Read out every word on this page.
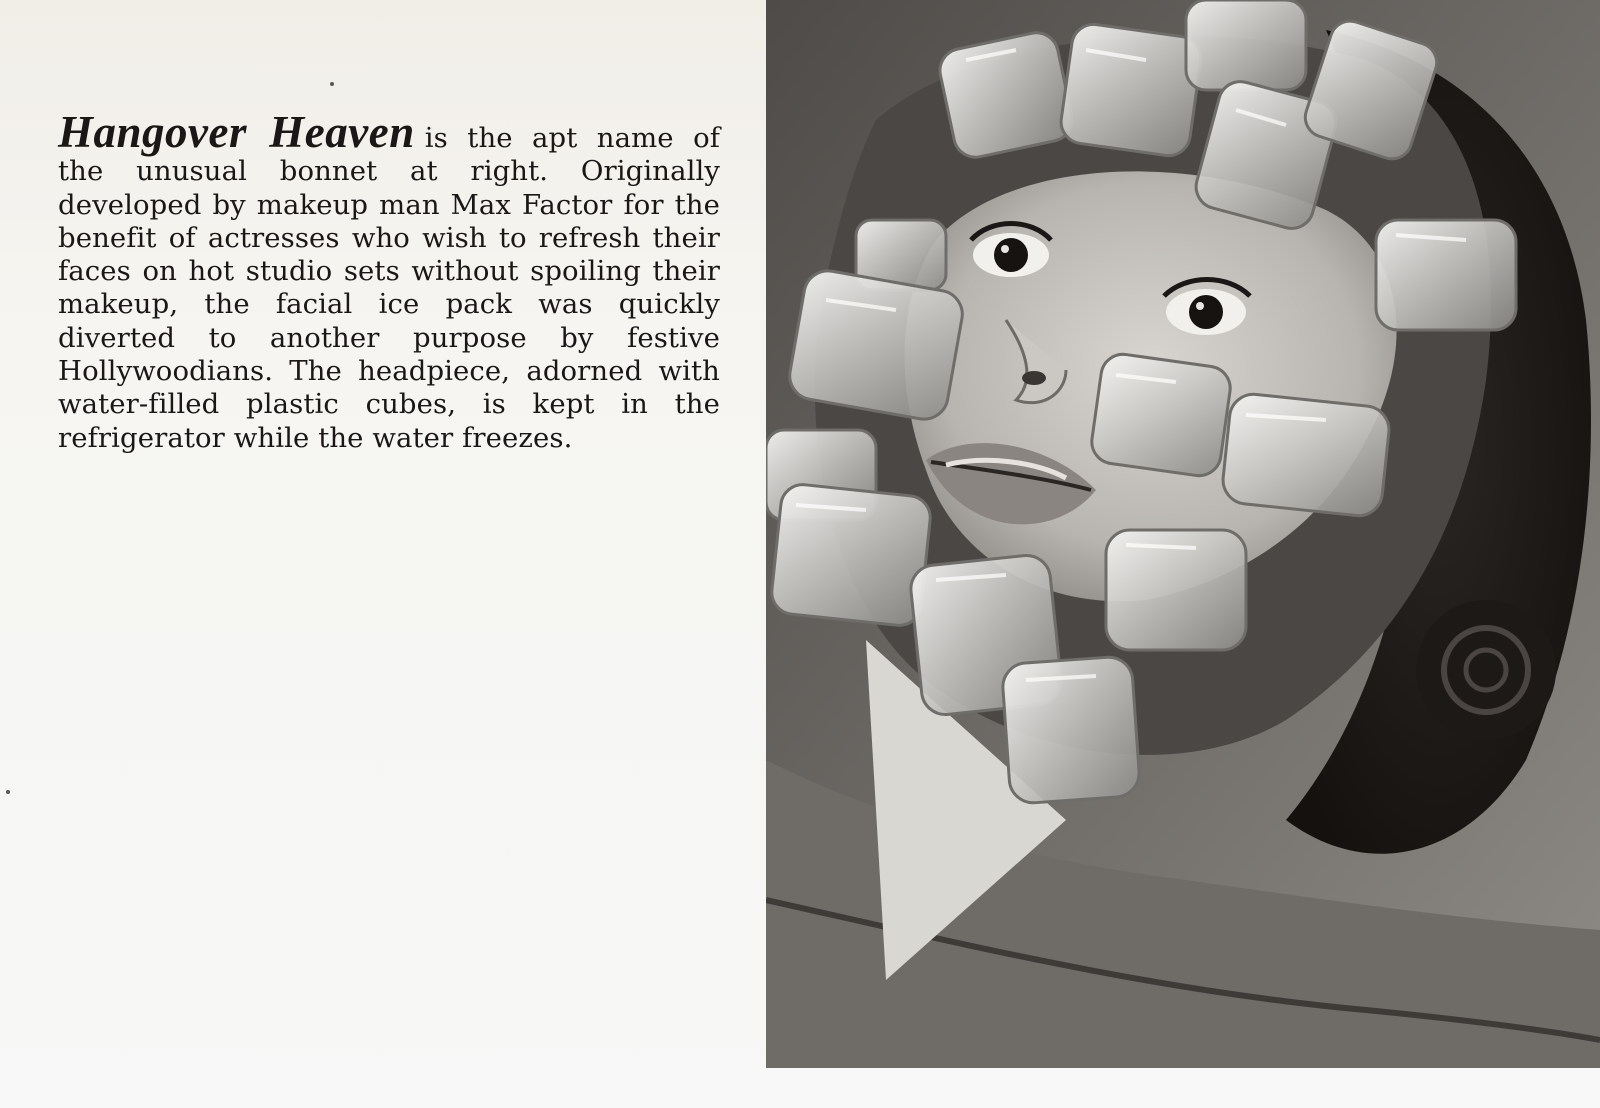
Hangover Heaven is the apt name of the unusual bonnet at right. Originally developed by makeup man Max Factor for the benefit of actresses who wish to refresh their faces on hot studio sets without spoiling their makeup, the facial ice pack was quickly diverted to another purpose by festive Hollywoodians. The headpiece, adorned with water-filled plastic cubes, is kept in the refrigerator while the water freezes.
